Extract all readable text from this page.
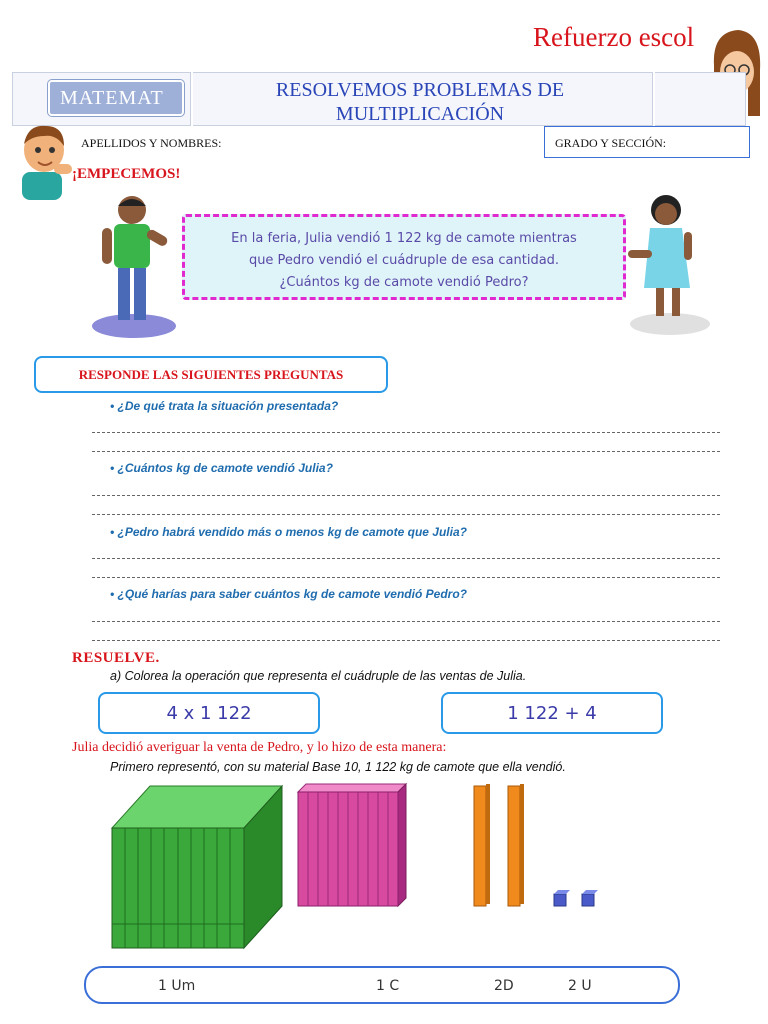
Refuerzo escol
MATEMAT	RESOLVEMOS PROBLEMAS DE
MULTIPLICACIÓN
APELLIDOS Y NOMBRES:	GRADO Y SECCIÓN:
¡EMPECEMOS!
En la feria, Julia vendió 1 122 kg de camote mientras
que Pedro vendió el cuádruple de esa cantidad.
¿Cuántos kg de camote vendió Pedro?
RESPONDE LAS SIGUIENTES PREGUNTAS
• ¿De qué trata la situación presentada?
• ¿Cuántos kg de camote vendió Julia?
• ¿Pedro habrá vendido más o menos kg de camote que Julia?
• ¿Qué harías para saber cuántos kg de camote vendió Pedro?
RESUELVE.
a) Colorea la operación que representa el cuádruple de las ventas de Julia.
4 x 1 122	1 122 + 4
Julia decidió averiguar la venta de Pedro, y lo hizo de esta manera:
Primero representó, con su material Base 10, 1 122 kg de camote que ella vendió.
1 Um	1 C	2D	2 U
